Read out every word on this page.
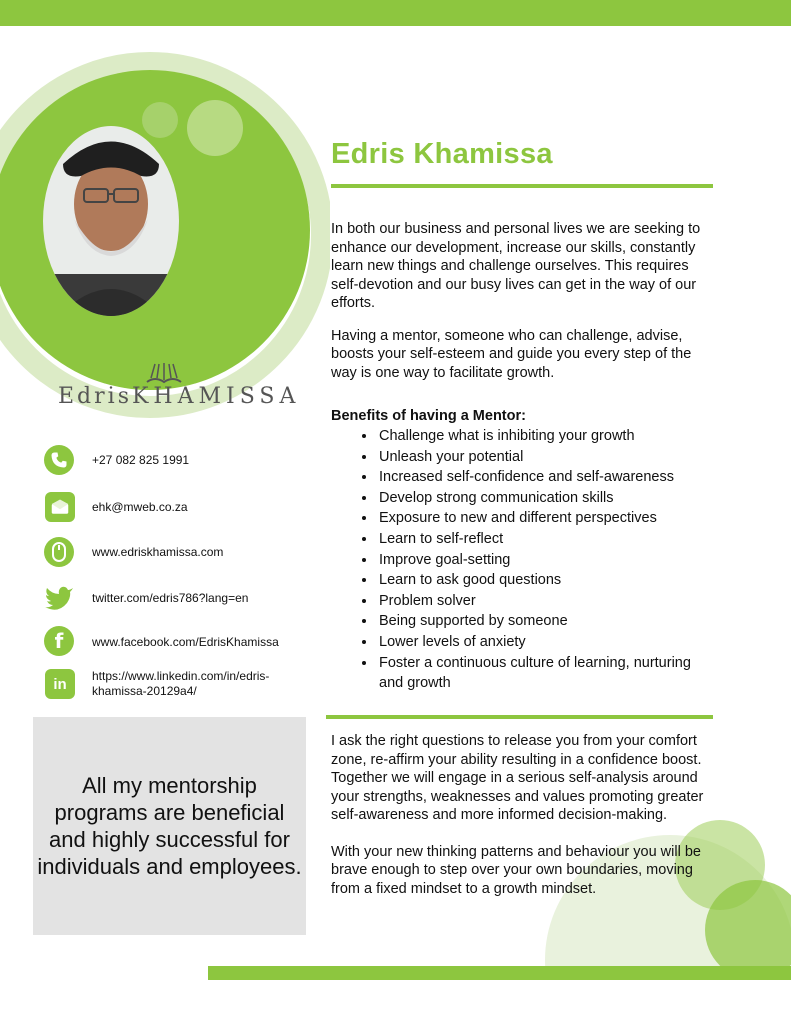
EdrisKHAMISSA
Edris Khamissa

In both our business and personal lives we are seeking to enhance our development, increase our skills, constantly learn new things and challenge ourselves. This requires self-devotion and our busy lives can get in the way of our efforts.

Having a mentor, someone who can challenge, advise, boosts your self-esteem and guide you every step of the way is one way to facilitate growth.

Benefits of having a Mentor:
• Challenge what is inhibiting your growth
• Unleash your potential
• Increased self-confidence and self-awareness
• Develop strong communication skills
• Exposure to new and different perspectives
• Learn to self-reflect
• Improve goal-setting
• Learn to ask good questions
• Problem solver
• Being supported by someone
• Lower levels of anxiety
• Foster a continuous culture of learning, nurturing and growth

I ask the right questions to release you from your comfort zone, re-affirm your ability resulting in a confidence boost. Together we will engage in a serious self-analysis around your strengths, weaknesses and values promoting greater self-awareness and more informed decision-making.

With your new thinking patterns and behaviour you will be brave enough to step over your own boundaries, moving from a fixed mindset to a growth mindset.

+27 082 825 1991
ehk@mweb.co.za
www.edriskhamissa.com
twitter.com/edris786?lang=en
f	www.facebook.com/EdrisKhamissa
in	https://www.linkedin.com/in/edris-khamissa-20129a4/
All my mentorship programs are beneficial and highly successful for individuals and employees.
